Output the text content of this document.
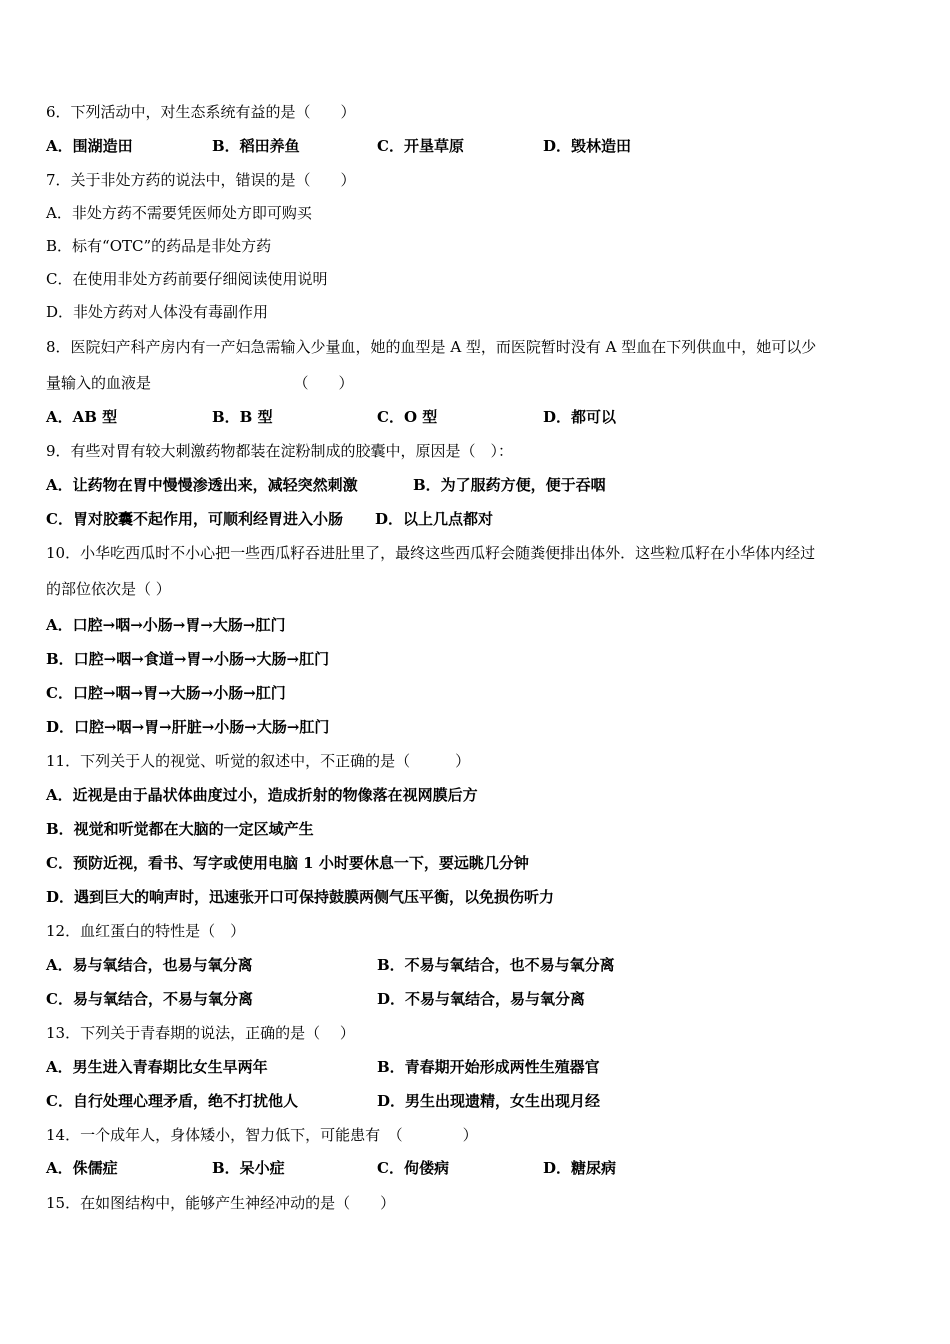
6．下列活动中，对生态系统有益的是（　　）
A．围湖造田	B．稻田养鱼	C．开垦草原	D．毁林造田
7．关于非处方药的说法中，错误的是（　　）
A．非处方药不需要凭医师处方即可购买
B．标有“OTC”的药品是非处方药
C．在使用非处方药前要仔细阅读使用说明
D．非处方药对人体没有毒副作用
8．医院妇产科产房内有一产妇急需输入少量血，她的血型是 A 型，而医院暂时没有 A 型血在下列供血中，她可以少
量输入的血液是　　　　　　　　　　（　　）
A．AB 型	B．B 型	C．O 型	D．都可以
9．有些对胃有较大刺激药物都装在淀粉制成的胶囊中，原因是（　）：
A．让药物在胃中慢慢渗透出来，减轻突然刺激	B．为了服药方便，便于吞咽
C．胃对胶囊不起作用，可顺利经胃进入小肠 D．以上几点都对
10．小华吃西瓜时不小心把一些西瓜籽吞进肚里了，最终这些西瓜籽会随粪便排出体外．这些粒瓜籽在小华体内经过
的部位依次是（ ）
A．口腔→咽→小肠→胃→大肠→肛门
B．口腔→咽→食道→胃→小肠→大肠→肛门
C．口腔→咽→胃→大肠→小肠→肛门
D．口腔→咽→胃→肝脏→小肠→大肠→肛门
11．下列关于人的视觉、听觉的叙述中，不正确的是（　　　）
A．近视是由于晶状体曲度过小，造成折射的物像落在视网膜后方
B．视觉和听觉都在大脑的一定区域产生
C．预防近视，看书、写字或使用电脑 1 小时要休息一下，要远眺几分钟
D．遇到巨大的响声时，迅速张开口可保持鼓膜两侧气压平衡，以免损伤听力
12．血红蛋白的特性是（　）
A．易与氧结合，也易与氧分离	B．不易与氧结合，也不易与氧分离
C．易与氧结合，不易与氧分离	D．不易与氧结合，易与氧分离
13．下列关于青春期的说法，正确的是（　 ）
A．男生进入青春期比女生早两年	B．青春期开始形成两性生殖器官
C．自行处理心理矛盾，绝不打扰他人	D．男生出现遗精，女生出现月经
14．一个成年人，身体矮小，智力低下，可能患有　（　　　　）
A．侏儒症	B．呆小症	C．佝偻病	D．糖尿病
15．在如图结构中，能够产生神经冲动的是（　　）
